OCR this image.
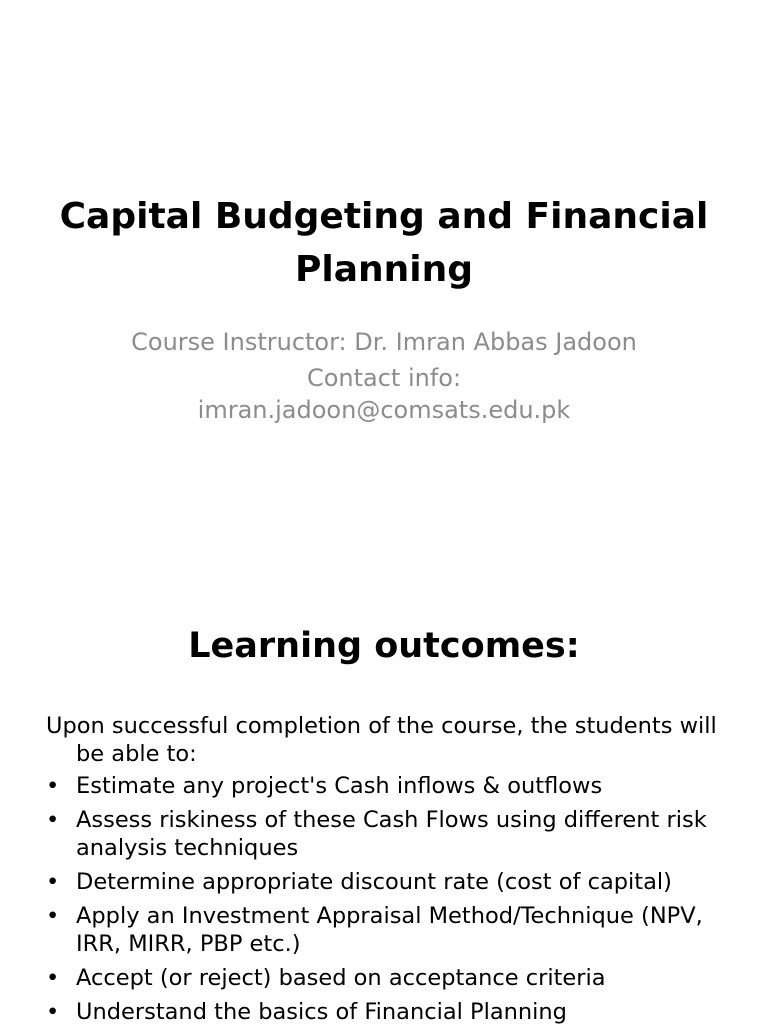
Capital Budgeting and Financial Planning

Course Instructor: Dr. Imran Abbas Jadoon

Contact info: imran.jadoon@comsats.edu.pk

Learning outcomes:

Upon successful completion of the course, the students will be able to:

• Estimate any project's Cash inflows & outflows
• Assess riskiness of these Cash Flows using different risk analysis techniques
• Determine appropriate discount rate (cost of capital)
• Apply an Investment Appraisal Method/Technique (NPV, IRR, MIRR, PBP etc.)
• Accept (or reject) based on acceptance criteria
• Understand the basics of Financial Planning
